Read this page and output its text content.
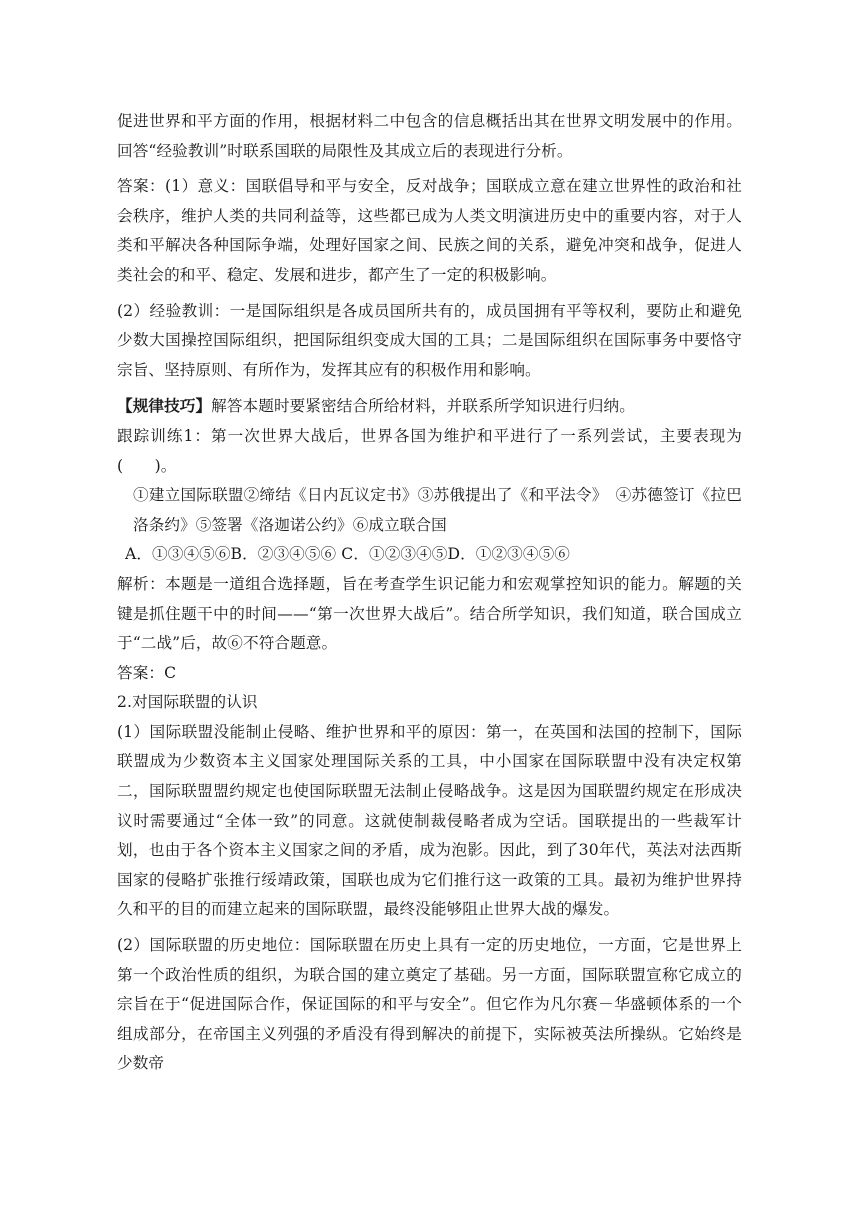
促进世界和平方面的作用，根据材料二中包含的信息概括出其在世界文明发展中的作用。回答“经验教训”时联系国联的局限性及其成立后的表现进行分析。

答案：(1）意义：国联倡导和平与安全，反对战争；国联成立意在建立世界性的政治和社会秩序，维护人类的共同利益等，这些都已成为人类文明演进历史中的重要内容，对于人类和平解决各种国际争端，处理好国家之间、民族之间的关系，避免冲突和战争，促进人类社会的和平、稳定、发展和进步，都产生了一定的积极影响。

(2）经验教训：一是国际组织是各成员国所共有的，成员国拥有平等权利，要防止和避免少数大国操控国际组织，把国际组织变成大国的工具；二是国际组织在国际事务中要恪守宗旨、坚持原则、有所作为，发挥其应有的积极作用和影响。

【规律技巧】解答本题时要紧密结合所给材料，并联系所学知识进行归纳。

跟踪训练1：第一次世界大战后，世界各国为维护和平进行了一系列尝试，主要表现为(　　)。

①建立国际联盟②缔结《日内瓦议定书》③苏俄提出了《和平法令》　④苏德签订《拉巴洛条约》⑤签署《洛迦诺公约》⑥成立联合国

A．①③④⑤⑥B．②③④⑤⑥ C．①②③④⑤D．①②③④⑤⑥

解析：本题是一道组合选择题，旨在考查学生识记能力和宏观掌控知识的能力。解题的关键是抓住题干中的时间——“第一次世界大战后”。结合所学知识，我们知道，联合国成立于“二战”后，故⑥不符合题意。

答案：C

2.对国际联盟的认识

(1）国际联盟没能制止侵略、维护世界和平的原因：第一，在英国和法国的控制下，国际联盟成为少数资本主义国家处理国际关系的工具，中小国家在国际联盟中没有决定权第二，国际联盟盟约规定也使国际联盟无法制止侵略战争。这是因为国联盟约规定在形成决议时需要通过“全体一致”的同意。这就使制裁侵略者成为空话。国联提出的一些裁军计划，也由于各个资本主义国家之间的矛盾，成为泡影。因此，到了30年代，英法对法西斯国家的侵略扩张推行绥靖政策，国联也成为它们推行这一政策的工具。最初为维护世界持久和平的目的而建立起来的国际联盟，最终没能够阻止世界大战的爆发。

(2）国际联盟的历史地位：国际联盟在历史上具有一定的历史地位，一方面，它是世界上第一个政治性质的组织，为联合国的建立奠定了基础。另一方面，国际联盟宣称它成立的宗旨在于“促进国际合作，保证国际的和平与安全”。但它作为凡尔赛－华盛顿体系的一个组成部分，在帝国主义列强的矛盾没有得到解决的前提下，实际被英法所操纵。它始终是少数帝
